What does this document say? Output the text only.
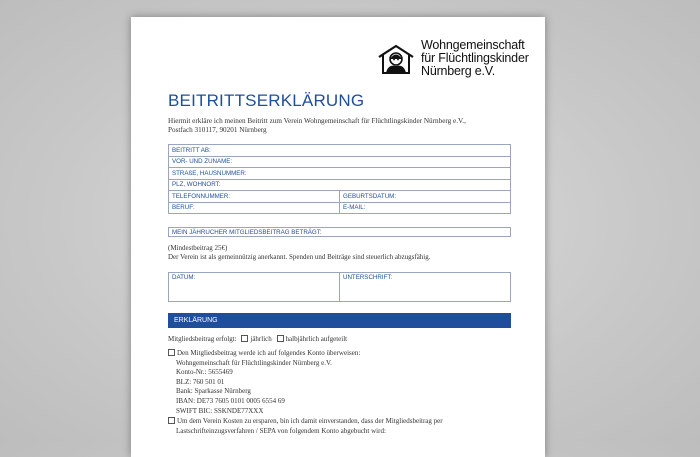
Wohngemeinschaft
für Flüchtlingskinder
Nürnberg e.V.
BEITRITTSERKLÄRUNG
Hiermit erkläre ich meinen Beitritt zum Verein Wohngemeinschaft für Flüchtlingskinder Nürnberg e.V.,
Postfach 310117, 90201 Nürnberg
BEITRITT AB:	
VOR- UND ZUNAME:	
STRAßE, HAUSNUMMER:	
PLZ, WOHNORT:	
TELEFONNUMMER:	GEBURTSDATUM:
BERUF:	E-MAIL:
MEIN JÄHRUCHER MITGLIEDSBEITRAG BETRÄGT:
(Mindestbeitrag 25€)
Der Verein ist als gemeinnützig anerkannt. Spenden und Beiträge sind steuerlich abzugsfähig.
DATUM:	UNTERSCHRIFT:
ERKLÄRUNG
Mitgliedsbeitrag erfolgt: jährlich halbjährlich aufgeteilt
Den Mitgliedsbeitrag werde ich auf folgendes Konto überweisen:
Wohngemeinschaft für Flüchtlingskinder Nürnberg e.V.
Konto-Nr.: 5655469
BLZ: 760 501 01
Bank: Sparkasse Nürnberg
IBAN: DE73 7605 0101 0005 6554 69
SWIFT BIC: SSKNDE77XXX
Um dem Verein Kosten zu ersparen, bin ich damit einverstanden, dass der Mitgliedsbeitrag per
Lastschrifteinzugsverfahren / SEPA von folgendem Konto abgebucht wird:
